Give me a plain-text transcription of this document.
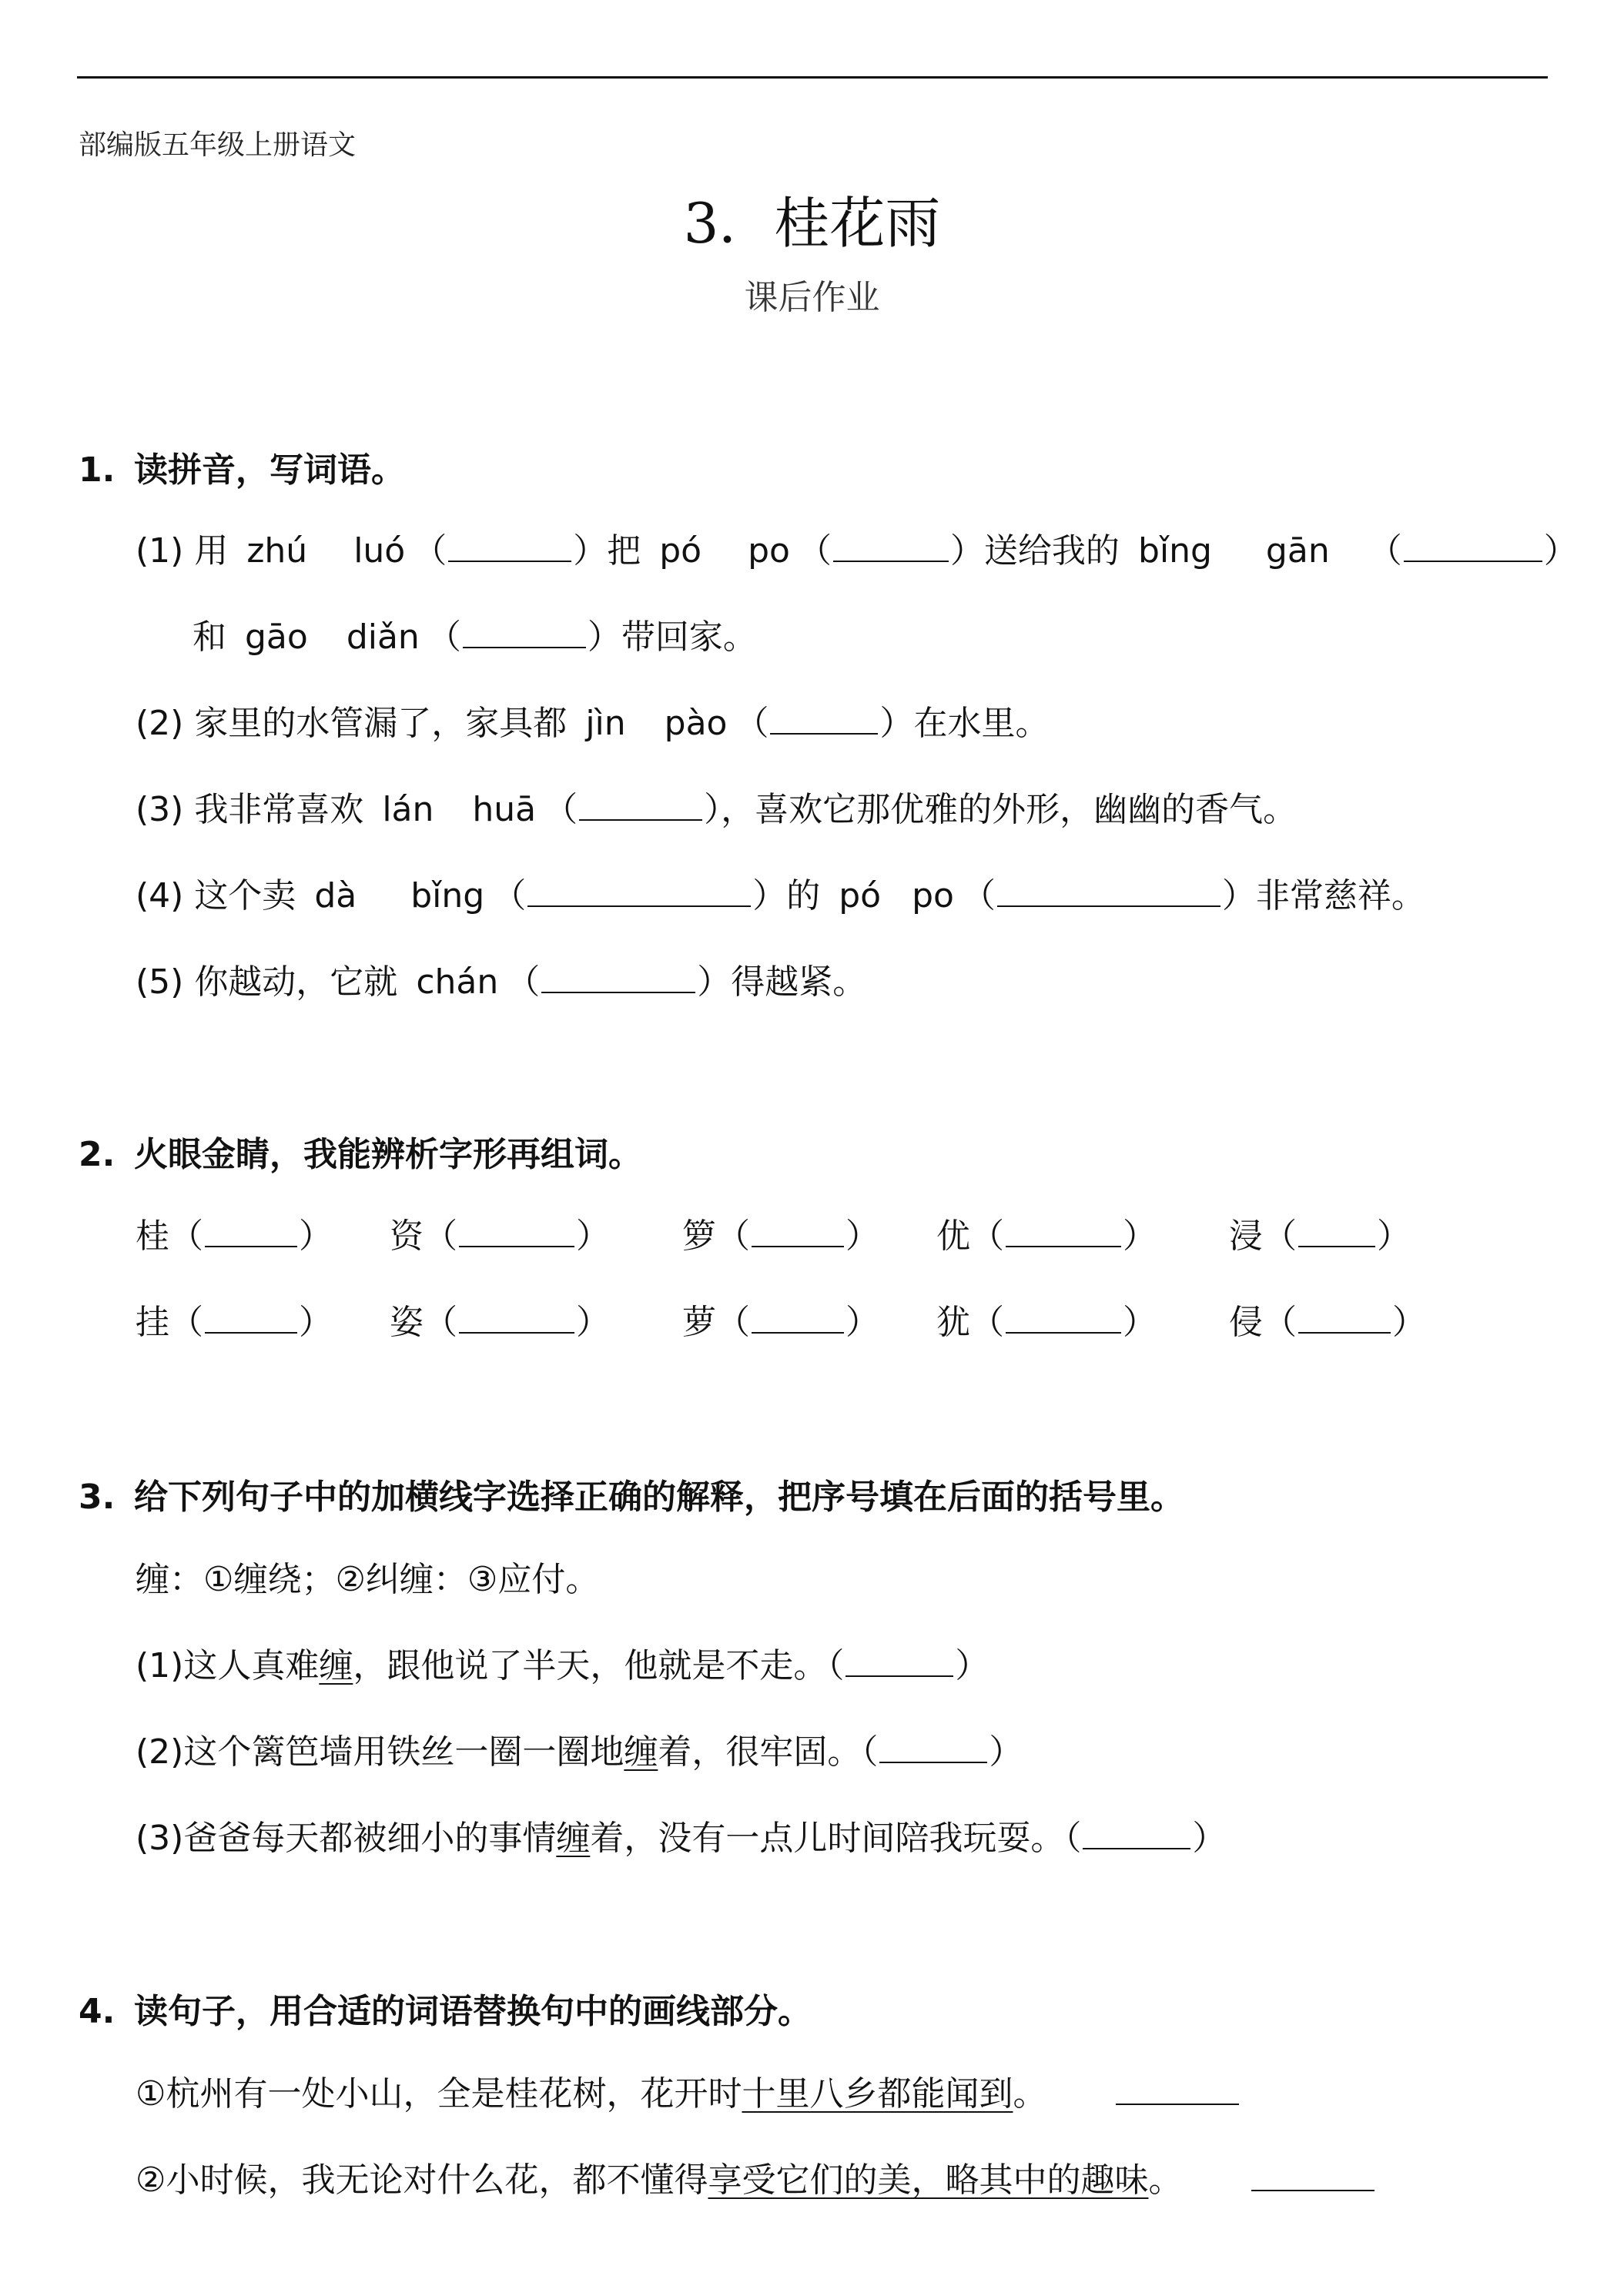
部编版五年级上册语文
3．桂花雨
课后作业
1. 读拼音，写词语。
(1) 用 zhú luó （	）把 pó po （	）送给我的 bǐng gān （	）
和 gāo diǎn （	）带回家。
(2) 家里的水管漏了，家具都 jìn pào （	）在水里。
(3) 我非常喜欢 lán huā （	），喜欢它那优雅的外形，幽幽的香气。
(4) 这个卖 dà bǐng （	）的 pó po （	）非常慈祥。
(5) 你越动，它就 chán （	）得越紧。
2. 火眼金睛，我能辨析字形再组词。
桂（	） 资（	） 箩（	） 优（	） 浸（ ）
挂（	） 姿（	） 萝（	） 犹（	） 侵（	）
3. 给下列句子中的加横线字选择正确的解释，把序号填在后面的括号里。
缠：①缠绕；②纠缠：③应付。
(1)这人真难缠，跟他说了半天，他就是不走。（	）
(2)这个篱笆墙用铁丝一圈一圈地缠着，很牢固。（	）
(3)爸爸每天都被细小的事情缠着，没有一点儿时间陪我玩耍。（	）
4. 读句子，用合适的词语替换句中的画线部分。
①杭州有一处小山，全是桂花树，花开时十里八乡都能闻到。
②小时候，我无论对什么花，都不懂得享受它们的美，略其中的趣味。
